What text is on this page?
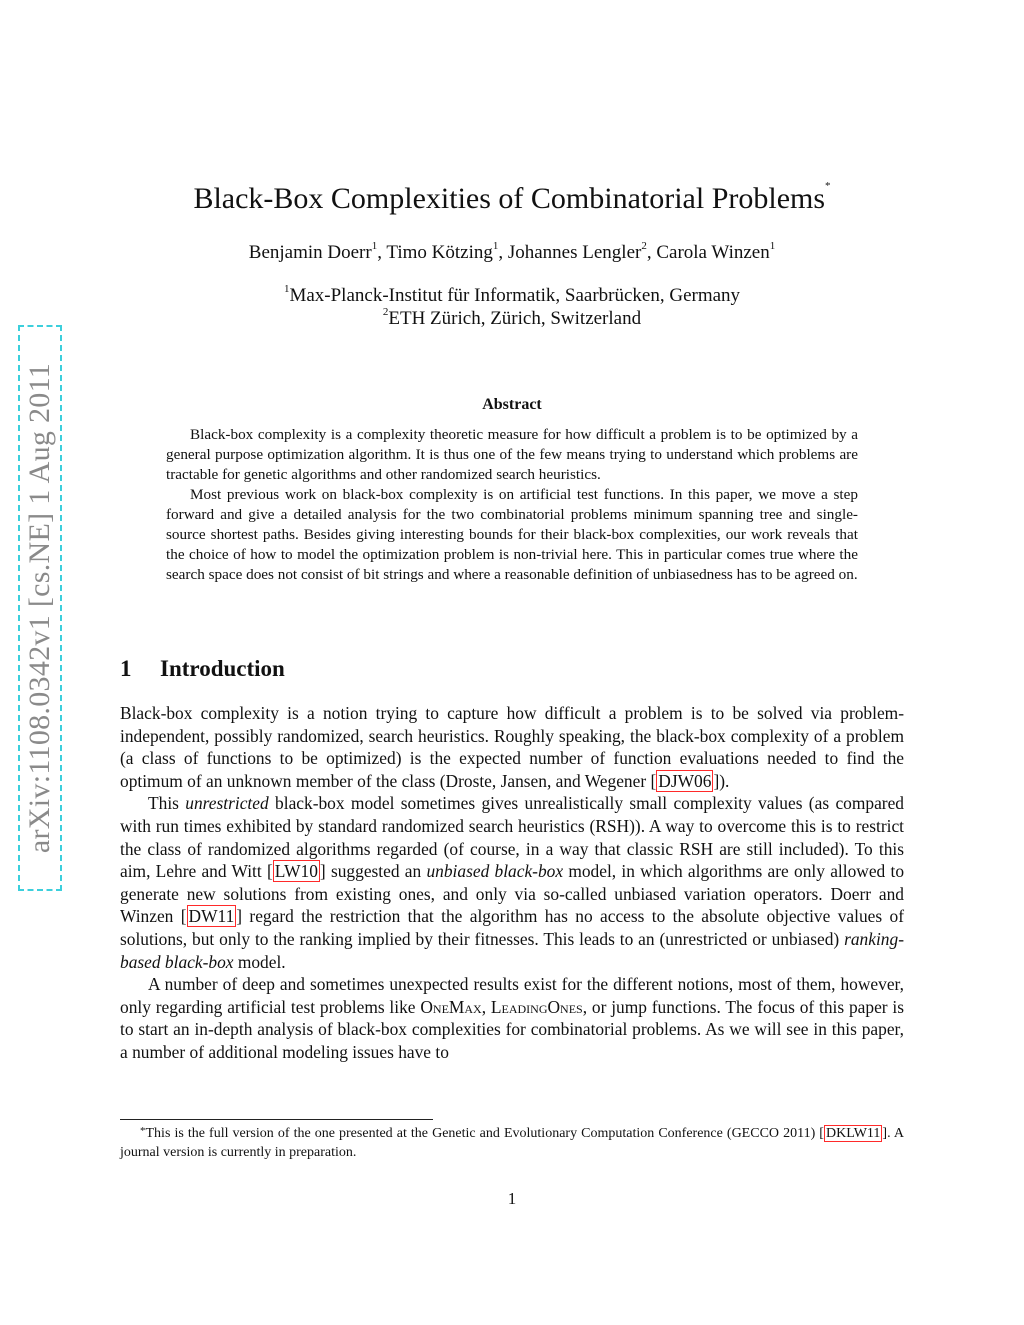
arXiv:1108.0342v1 [cs.NE] 1 Aug 2011
Black-Box Complexities of Combinatorial Problems*
Benjamin Doerr$^1$, Timo Kötzing$^1$, Johannes Lengler$^2$, Carola Winzen$^1$
$^1$Max-Planck-Institut für Informatik, Saarbrücken, Germany
$^2$ETH Zürich, Zürich, Switzerland
Abstract

Black-box complexity is a complexity theoretic measure for how difficult a problem is to be optimized by a general purpose optimization algorithm. It is thus one of the few means trying to understand which problems are tractable for genetic algorithms and other randomized search heuristics.

Most previous work on black-box complexity is on artificial test functions. In this paper, we move a step forward and give a detailed analysis for the two combinatorial problems minimum spanning tree and single-source shortest paths. Besides giving interesting bounds for their black-box complexities, our work reveals that the choice of how to model the optimization problem is non-trivial here. This in particular comes true where the search space does not consist of bit strings and where a reasonable definition of unbiasedness has to be agreed on.

1 Introduction

Black-box complexity is a notion trying to capture how difficult a problem is to be solved via problem-independent, possibly randomized, search heuristics. Roughly speaking, the black-box complexity of a problem (a class of functions to be optimized) is the expected number of function evaluations needed to find the optimum of an unknown member of the class (Droste, Jansen, and Wegener [ DJW06 ]).

This unrestricted black-box model sometimes gives unrealistically small complexity values (as compared with run times exhibited by standard randomized search heuristics (RSH)). A way to overcome this is to restrict the class of randomized algorithms regarded (of course, in a way that classic RSH are still included). To this aim, Lehre and Witt [ LW10 ] suggested an unbiased black-box model, in which algorithms are only allowed to generate new solutions from existing ones, and only via so-called unbiased variation operators. Doerr and Winzen [ DW11 ] regard the restriction that the algorithm has no access to the absolute objective values of solutions, but only to the ranking implied by their fitnesses. This leads to an (unrestricted or unbiased) ranking-based black-box model.

A number of deep and sometimes unexpected results exist for the different notions, most of them, however, only regarding artificial test problems like OneMax, LeadingOnes, or jump functions. The focus of this paper is to start an in-depth analysis of black-box complexities for combinatorial problems. As we will see in this paper, a number of additional modeling issues have to

*This is the full version of the one presented at the Genetic and Evolutionary Computation Conference (GECCO 2011) [ DKLW11 ]. A journal version is currently in preparation.

1
